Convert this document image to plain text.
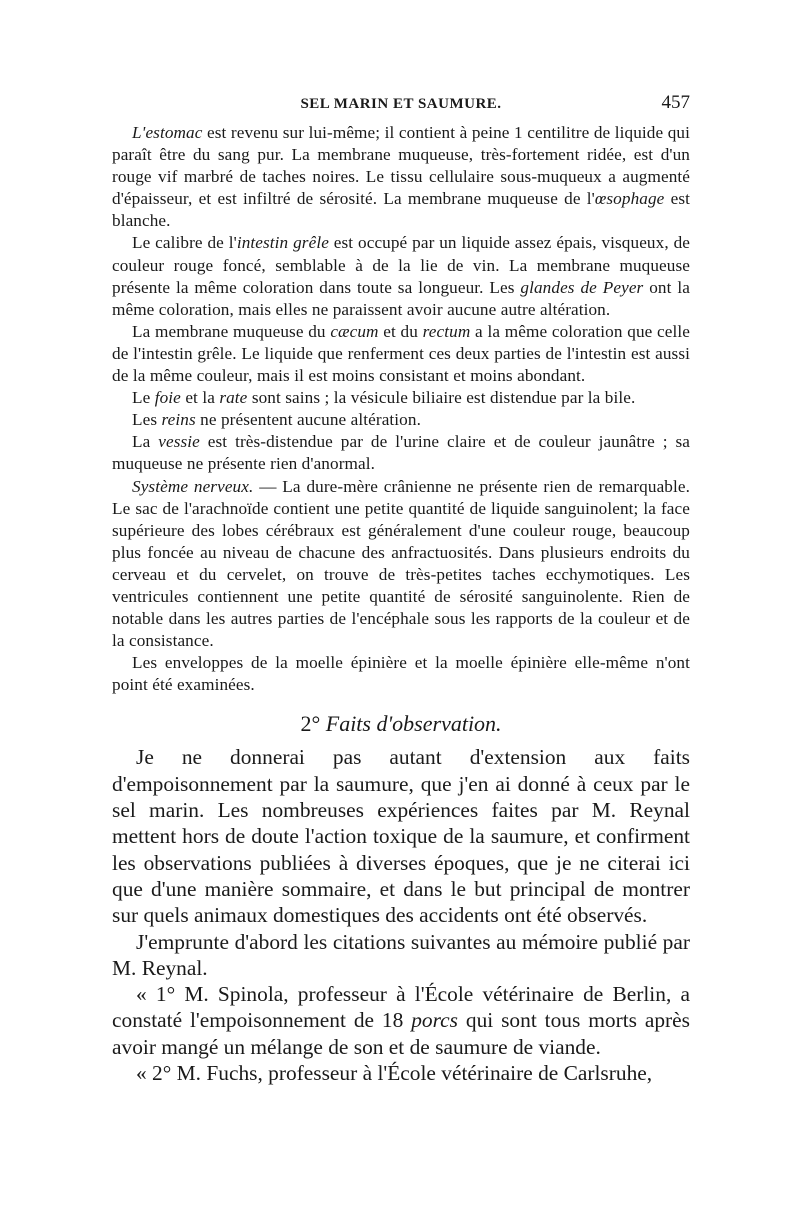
SEL MARIN ET SAUMURE.	457

L'estomac est revenu sur lui-même; il contient à peine 1 centilitre de liquide qui paraît être du sang pur. La membrane muqueuse, très-fortement ridée, est d'un rouge vif marbré de taches noires. Le tissu cellulaire sous-muqueux a augmenté d'épaisseur, et est infiltré de sérosité. La membrane muqueuse de l'œsophage est blanche.

Le calibre de l'intestin grêle est occupé par un liquide assez épais, visqueux, de couleur rouge foncé, semblable à de la lie de vin. La membrane muqueuse présente la même coloration dans toute sa longueur. Les glandes de Peyer ont la même coloration, mais elles ne paraissent avoir aucune autre altération.

La membrane muqueuse du cæcum et du rectum a la même coloration que celle de l'intestin grêle. Le liquide que renferment ces deux parties de l'intestin est aussi de la même couleur, mais il est moins consistant et moins abondant.

Le foie et la rate sont sains ; la vésicule biliaire est distendue par la bile.

Les reins ne présentent aucune altération.

La vessie est très-distendue par de l'urine claire et de couleur jaunâtre ; sa muqueuse ne présente rien d'anormal.

Système nerveux. — La dure-mère crânienne ne présente rien de remarquable. Le sac de l'arachnoïde contient une petite quantité de liquide sanguinolent; la face supérieure des lobes cérébraux est généralement d'une couleur rouge, beaucoup plus foncée au niveau de chacune des anfractuosités. Dans plusieurs endroits du cerveau et du cervelet, on trouve de très-petites taches ecchymotiques. Les ventricules contiennent une petite quantité de sérosité sanguinolente. Rien de notable dans les autres parties de l'encéphale sous les rapports de la couleur et de la consistance.

Les enveloppes de la moelle épinière et la moelle épinière elle-même n'ont point été examinées.

2° Faits d'observation.

Je ne donnerai pas autant d'extension aux faits d'empoisonnement par la saumure, que j'en ai donné à ceux par le sel marin. Les nombreuses expériences faites par M. Reynal mettent hors de doute l'action toxique de la saumure, et confirment les observations publiées à diverses époques, que je ne citerai ici que d'une manière sommaire, et dans le but principal de montrer sur quels animaux domestiques des accidents ont été observés.

J'emprunte d'abord les citations suivantes au mémoire publié par M. Reynal.

« 1° M. Spinola, professeur à l'École vétérinaire de Berlin, a constaté l'empoisonnement de 18 porcs qui sont tous morts après avoir mangé un mélange de son et de saumure de viande.

« 2° M. Fuchs, professeur à l'École vétérinaire de Carlsruhe,
